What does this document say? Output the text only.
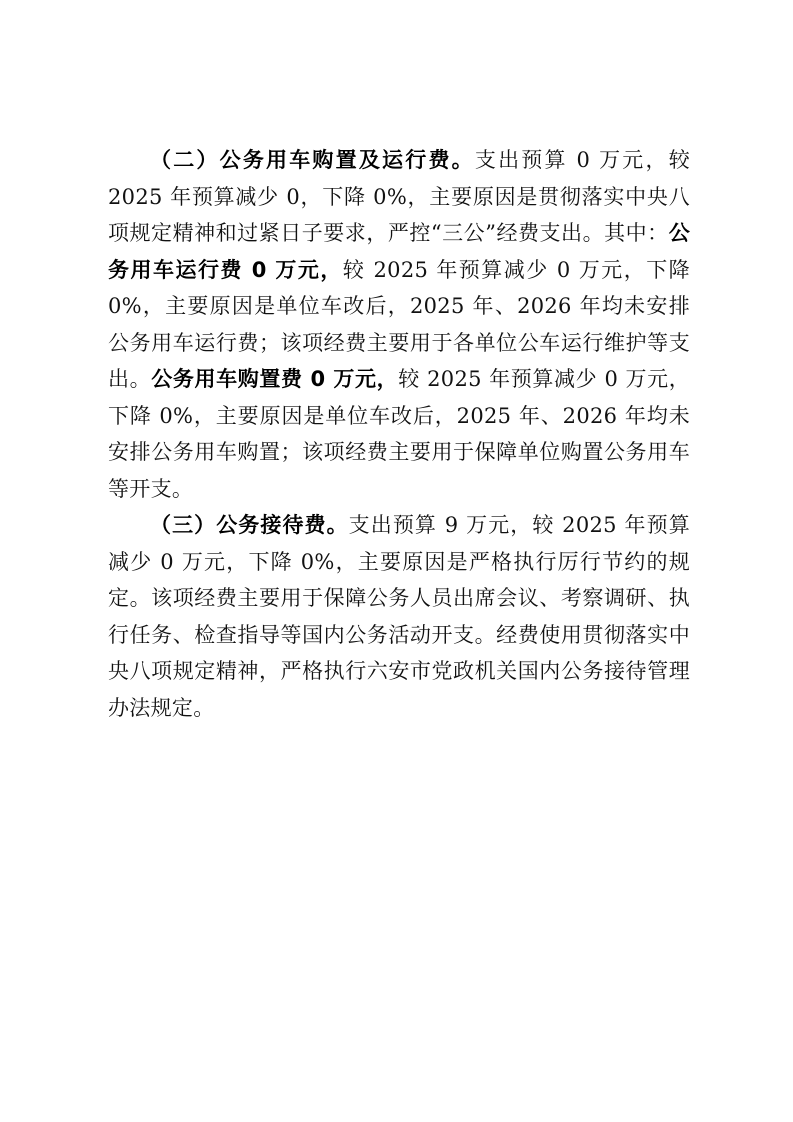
（二）公务用车购置及运行费。支出预算 0 万元，较 2025 年预算减少 0，下降 0%，主要原因是贯彻落实中央八项规定精神和过紧日子要求，严控“三公”经费支出。其中：公务用车运行费 0 万元，较 2025 年预算减少 0 万元，下降 0%，主要原因是单位车改后，2025 年、2026 年均未安排公务用车运行费；该项经费主要用于各单位公车运行维护等支出。公务用车购置费 0 万元，较 2025 年预算减少 0 万元，下降 0%，主要原因是单位车改后，2025 年、2026 年均未安排公务用车购置；该项经费主要用于保障单位购置公务用车等开支。

（三）公务接待费。支出预算 9 万元，较 2025 年预算减少 0 万元，下降 0%，主要原因是严格执行厉行节约的规定。该项经费主要用于保障公务人员出席会议、考察调研、执行任务、检查指导等国内公务活动开支。经费使用贯彻落实中央八项规定精神，严格执行六安市党政机关国内公务接待管理办法规定。
